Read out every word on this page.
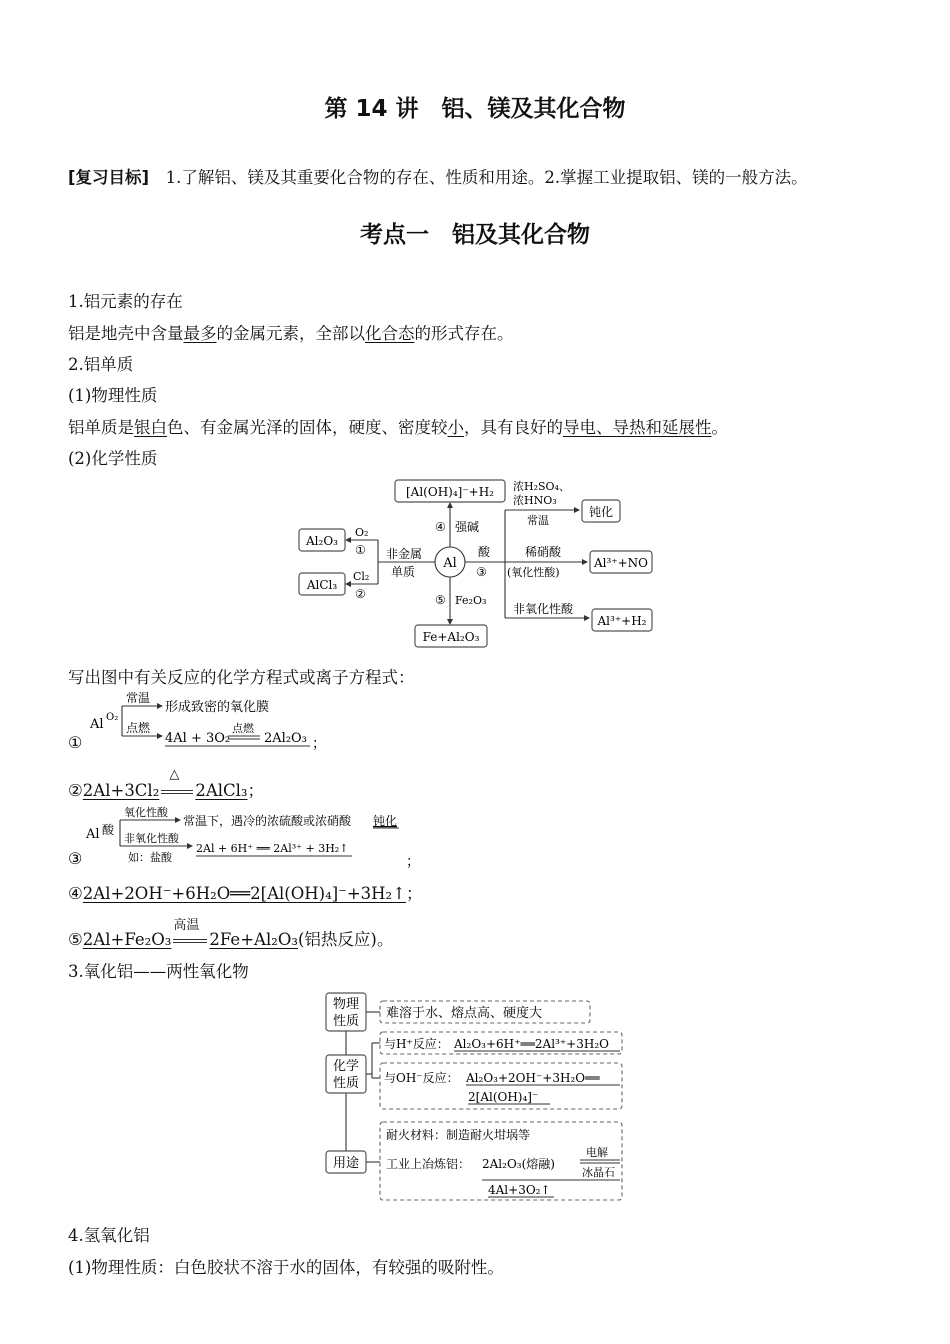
第 14 讲　铝、镁及其化合物
[复习目标]　1.了解铝、镁及其重要化合物的存在、性质和用途。2.掌握工业提取铝、镁的一般方法。
考点一　铝及其化合物
1.铝元素的存在
铝是地壳中含量最多的金属元素，全部以化合态的形式存在。
2.铝单质
(1)物理性质
铝单质是银白色、有金属光泽的固体，硬度、密度较小，具有良好的导电、导热和延展性。
(2)化学性质
[Al(OH)₄]⁻+H₂
Al
④ 强碱
非金属
单质
O₂
①
Cl₂
②
Al₂O₃
AlCl₃
酸
③
浓H₂SO₄、
浓HNO₃
常温
钝化
稀硝酸
(氧化性酸)
Al³⁺+NO
非氧化性酸
Al³⁺+H₂
⑤ Fe₂O₃
Fe+Al₂O₃
写出图中有关反应的化学方程式或离子方程式：
①
Al O₂
常温
形成致密的氧化膜
点燃
4Al + 3O₂
点燃
2Al₂O₃ ；
②2Al+3Cl₂
△
2AlCl₃；
③
Al 酸
氧化性酸
常温下，遇冷的浓硫酸或浓硝酸 钝化
非氧化性酸
如：盐酸
2Al + 6H⁺ ══ 2Al³⁺ + 3H₂↑
；
④2Al+2OH⁻+6H₂O══2[Al(OH)₄]⁻+3H₂↑；
⑤2Al+Fe₂O₃
高温
2Fe+Al₂O₃(铝热反应)。
3.氧化铝——两性氧化物
物理
性质
难溶于水、熔点高、硬度大
化学
性质
与H⁺反应： Al₂O₃+6H⁺══2Al³⁺+3H₂O
与OH⁻反应： Al₂O₃+2OH⁻+3H₂O══
2[Al(OH)₄]⁻
用途
耐火材料：制造耐火坩埚等
工业上冶炼铝： 2Al₂O₃(熔融)
电解
冰晶石
4Al+3O₂↑
4.氢氧化铝
(1)物理性质：白色胶状不溶于水的固体，有较强的吸附性。
